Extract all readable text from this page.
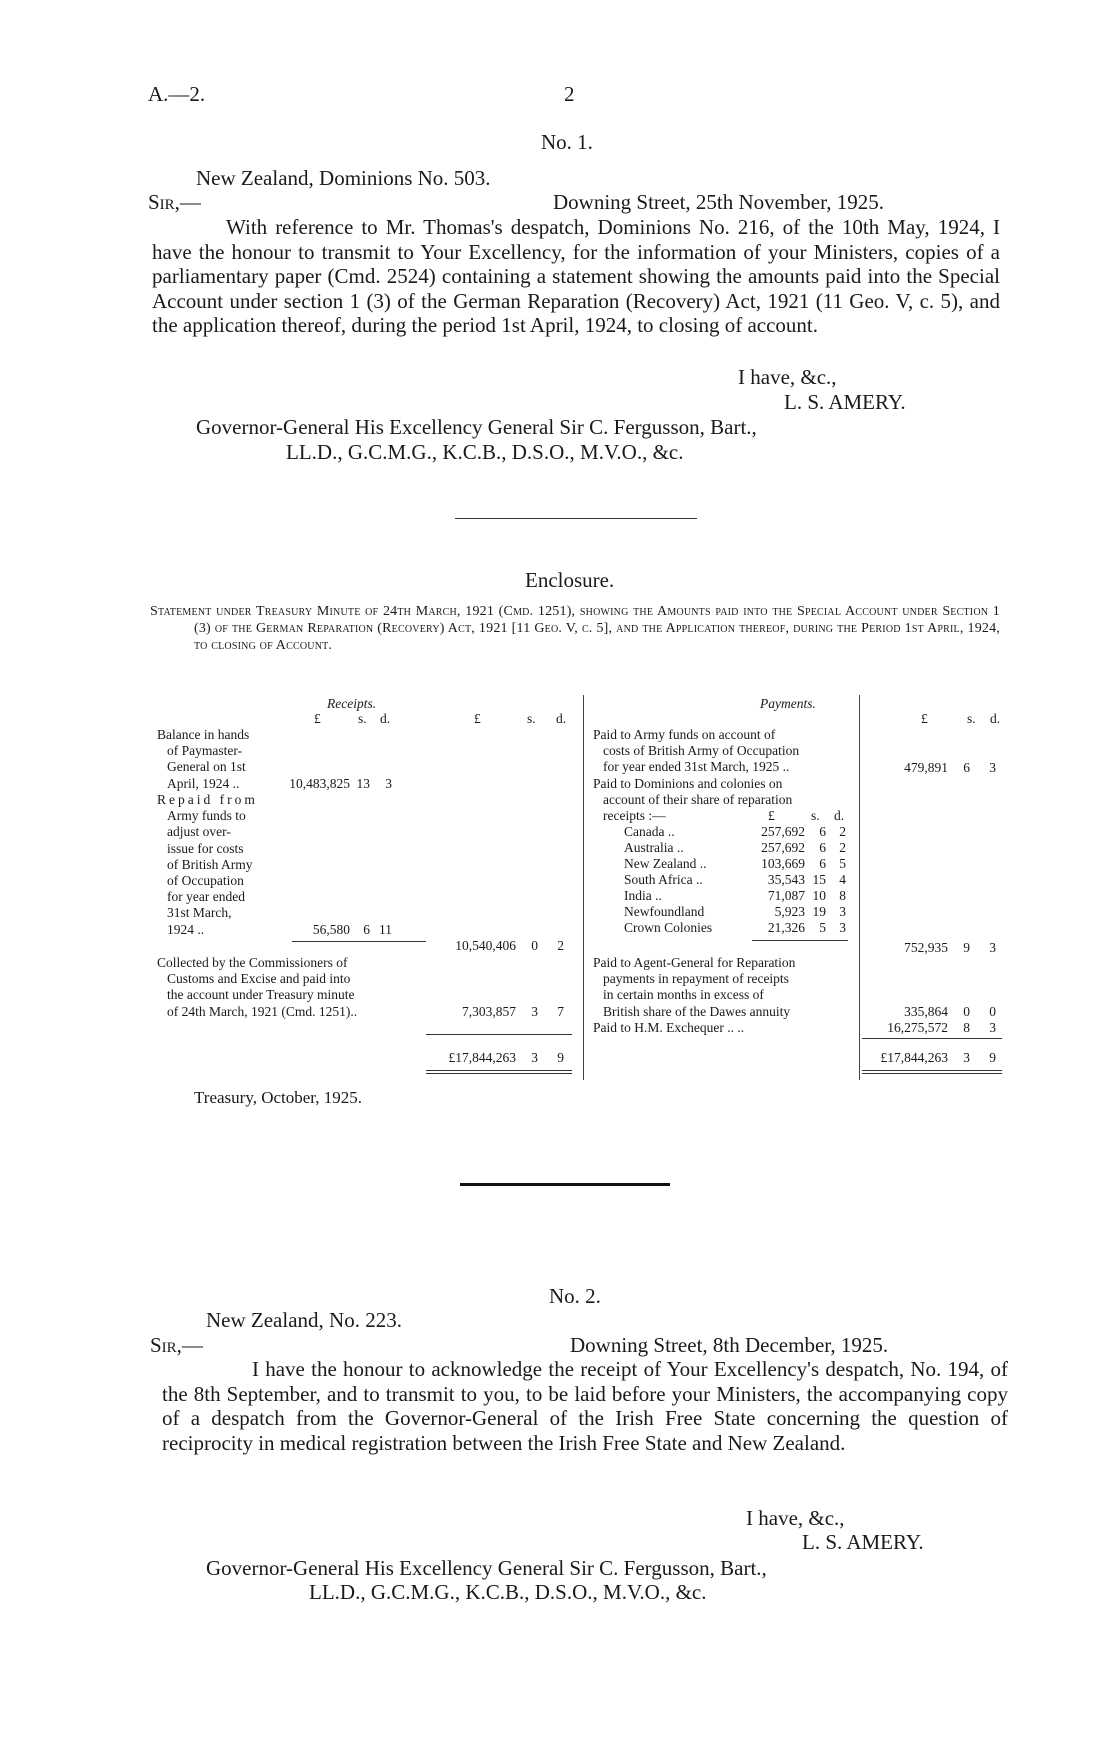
A.—2.	2
No. 1.
New Zealand, Dominions No. 503.
Sir,—	Downing Street, 25th November, 1925.

With reference to Mr. Thomas's despatch, Dominions No. 216, of the 10th May, 1924, I have the honour to transmit to Your Excellency, for the information of your Ministers, copies of a parliamentary paper (Cmd. 2524) containing a statement showing the amounts paid into the Special Account under section 1 (3) of the German Reparation (Recovery) Act, 1921 (11 Geo. V, c. 5), and the application thereof, during the period 1st April, 1924, to closing of account.

I have, &c.,
L. S. AMERY.
Governor-General His Excellency General Sir C. Fergusson, Bart.,
LL.D., G.C.M.G., K.C.B., D.S.O., M.V.O., &c.
Enclosure.
Statement under Treasury Minute of 24th March, 1921 (Cmd. 1251), showing the Amounts paid into the Special Account under Section 1 (3) of the German Reparation (Recovery) Act, 1921 [11 Geo. V, c. 5], and the Application thereof, during the Period 1st April, 1924, to closing of Account.
Receipts.
£	s. d.	£	s. d.
Balance in hands
of Paymaster-
General on 1st
April, 1924 ..	10,483,825 13	3
Repaid from
Army funds to
adjust over-
issue for costs
of British Army
of Occupation
for year ended
31st March,
1924 ..	56,580 6 11
10,540,406	0	2
Collected by the Commissioners of
Customs and Excise and paid into
the account under Treasury minute
of 24th March, 1921 (Cmd. 1251)..	7,303,857	3	7
£17,844,263	3	9
Payments.
£	s. d.
Paid to Army funds on account of
costs of British Army of Occupation
for year ended 31st March, 1925 ..	479,891	6	3
Paid to Dominions and colonies on
account of their share of reparation
receipts :—	£	s. d.
Canada ..	257,692	6 2
Australia ..	257,692	6 2
New Zealand ..	103,669	6 5
South Africa ..	35,543 15 4
India ..	71,087 10 8
Newfoundland	5,923 19 3
Crown Colonies	21,326	5 3
752,935	9	3
Paid to Agent-General for Reparation
payments in repayment of receipts
in certain months in excess of
British share of the Dawes annuity	335,864	0	0
Paid to H.M. Exchequer .. ..	16,275,572	8	3
£17,844,263	3	9
Treasury, October, 1925.
No. 2.
New Zealand, No. 223.
Sir,—	Downing Street, 8th December, 1925.

I have the honour to acknowledge the receipt of Your Excellency's despatch, No. 194, of the 8th September, and to transmit to you, to be laid before your Ministers, the accompanying copy of a despatch from the Governor-General of the Irish Free State concerning the question of reciprocity in medical registration between the Irish Free State and New Zealand.

I have, &c.,
L. S. AMERY.
Governor-General His Excellency General Sir C. Fergusson, Bart.,
LL.D., G.C.M.G., K.C.B., D.S.O., M.V.O., &c.
